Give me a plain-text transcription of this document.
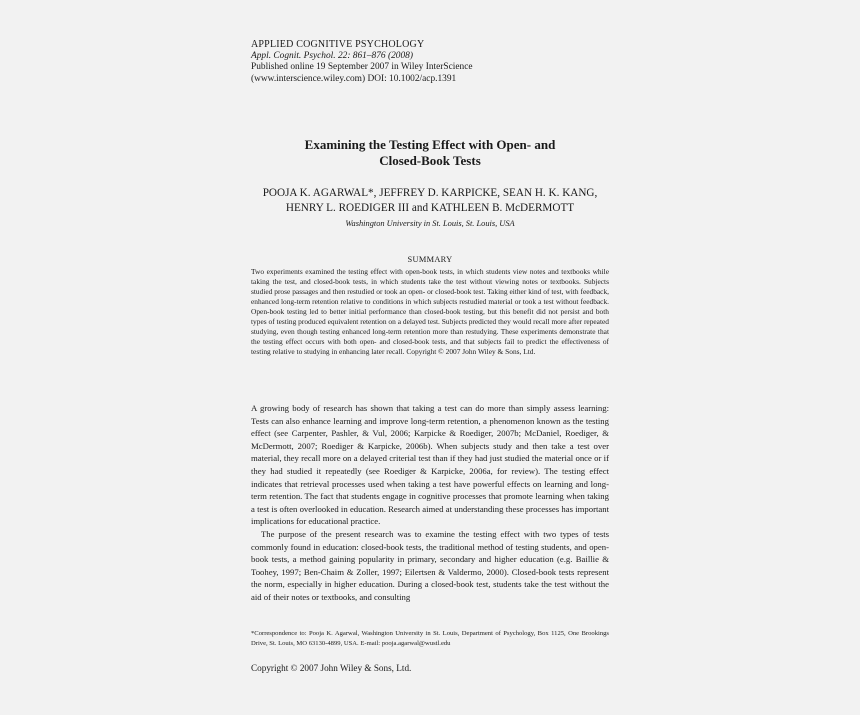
APPLIED COGNITIVE PSYCHOLOGY
Appl. Cognit. Psychol. 22: 861–876 (2008)
Published online 19 September 2007 in Wiley InterScience
(www.interscience.wiley.com) DOI: 10.1002/acp.1391
Examining the Testing Effect with Open- and
Closed-Book Tests
POOJA K. AGARWAL*, JEFFREY D. KARPICKE, SEAN H. K. KANG,
HENRY L. ROEDIGER III and KATHLEEN B. McDERMOTT
Washington University in St. Louis, St. Louis, USA
SUMMARY
Two experiments examined the testing effect with open-book tests, in which students view notes and textbooks while taking the test, and closed-book tests, in which students take the test without viewing notes or textbooks. Subjects studied prose passages and then restudied or took an open- or closed-book test. Taking either kind of test, with feedback, enhanced long-term retention relative to conditions in which subjects restudied material or took a test without feedback. Open-book testing led to better initial performance than closed-book testing, but this benefit did not persist and both types of testing produced equivalent retention on a delayed test. Subjects predicted they would recall more after repeated studying, even though testing enhanced long-term retention more than restudying. These experiments demonstrate that the testing effect occurs with both open- and closed-book tests, and that subjects fail to predict the effectiveness of testing relative to studying in enhancing later recall. Copyright © 2007 John Wiley & Sons, Ltd.

A growing body of research has shown that taking a test can do more than simply assess learning: Tests can also enhance learning and improve long-term retention, a phenomenon known as the testing effect (see Carpenter, Pashler, & Vul, 2006; Karpicke & Roediger, 2007b; McDaniel, Roediger, & McDermott, 2007; Roediger & Karpicke, 2006b). When subjects study and then take a test over material, they recall more on a delayed criterial test than if they had just studied the material once or if they had studied it repeatedly (see Roediger & Karpicke, 2006a, for review). The testing effect indicates that retrieval processes used when taking a test have powerful effects on learning and long-term retention. The fact that students engage in cognitive processes that promote learning when taking a test is often overlooked in education. Research aimed at understanding these processes has important implications for educational practice.

The purpose of the present research was to examine the testing effect with two types of tests commonly found in education: closed-book tests, the traditional method of testing students, and open-book tests, a method gaining popularity in primary, secondary and higher education (e.g. Baillie & Toohey, 1997; Ben-Chaim & Zoller, 1997; Eilertsen & Valdermo, 2000). Closed-book tests represent the norm, especially in higher education. During a closed-book test, students take the test without the aid of their notes or textbooks, and consulting

*Correspondence to: Pooja K. Agarwal, Washington University in St. Louis, Department of Psychology, Box 1125, One Brookings Drive, St. Louis, MO 63130-4899, USA. E-mail: pooja.agarwal@wustl.edu
Copyright © 2007 John Wiley & Sons, Ltd.
